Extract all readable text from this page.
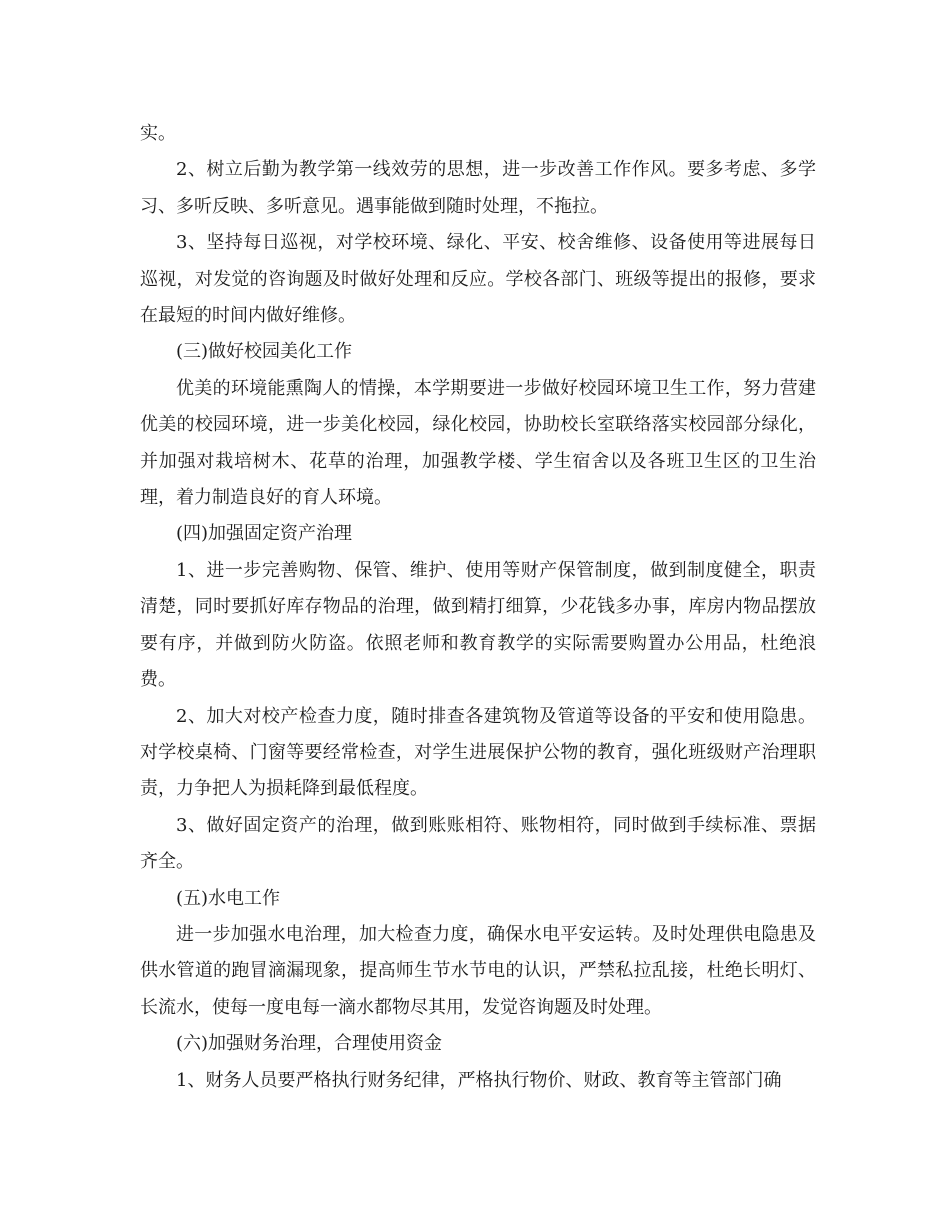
实。

2、树立后勤为教学第一线效劳的思想，进一步改善工作作风。要多考虑、多学习、多听反映、多听意见。遇事能做到随时处理，不拖拉。

3、坚持每日巡视，对学校环境、绿化、平安、校舍维修、设备使用等进展每日巡视，对发觉的咨询题及时做好处理和反应。学校各部门、班级等提出的报修，要求在最短的时间内做好维修。

(三)做好校园美化工作

优美的环境能熏陶人的情操，本学期要进一步做好校园环境卫生工作，努力营建优美的校园环境，进一步美化校园，绿化校园，协助校长室联络落实校园部分绿化，并加强对栽培树木、花草的治理，加强教学楼、学生宿舍以及各班卫生区的卫生治理，着力制造良好的育人环境。

(四)加强固定资产治理

1、进一步完善购物、保管、维护、使用等财产保管制度，做到制度健全，职责清楚，同时要抓好库存物品的治理，做到精打细算，少花钱多办事，库房内物品摆放要有序，并做到防火防盗。依照老师和教育教学的实际需要购置办公用品，杜绝浪费。

2、加大对校产检查力度，随时排查各建筑物及管道等设备的平安和使用隐患。对学校桌椅、门窗等要经常检查，对学生进展保护公物的教育，强化班级财产治理职责，力争把人为损耗降到最低程度。

3、做好固定资产的治理，做到账账相符、账物相符，同时做到手续标准、票据齐全。

(五)水电工作

进一步加强水电治理，加大检查力度，确保水电平安运转。及时处理供电隐患及供水管道的跑冒滴漏现象，提高师生节水节电的认识，严禁私拉乱接，杜绝长明灯、长流水，使每一度电每一滴水都物尽其用，发觉咨询题及时处理。

(六)加强财务治理，合理使用资金

1、财务人员要严格执行财务纪律，严格执行物价、财政、教育等主管部门确
